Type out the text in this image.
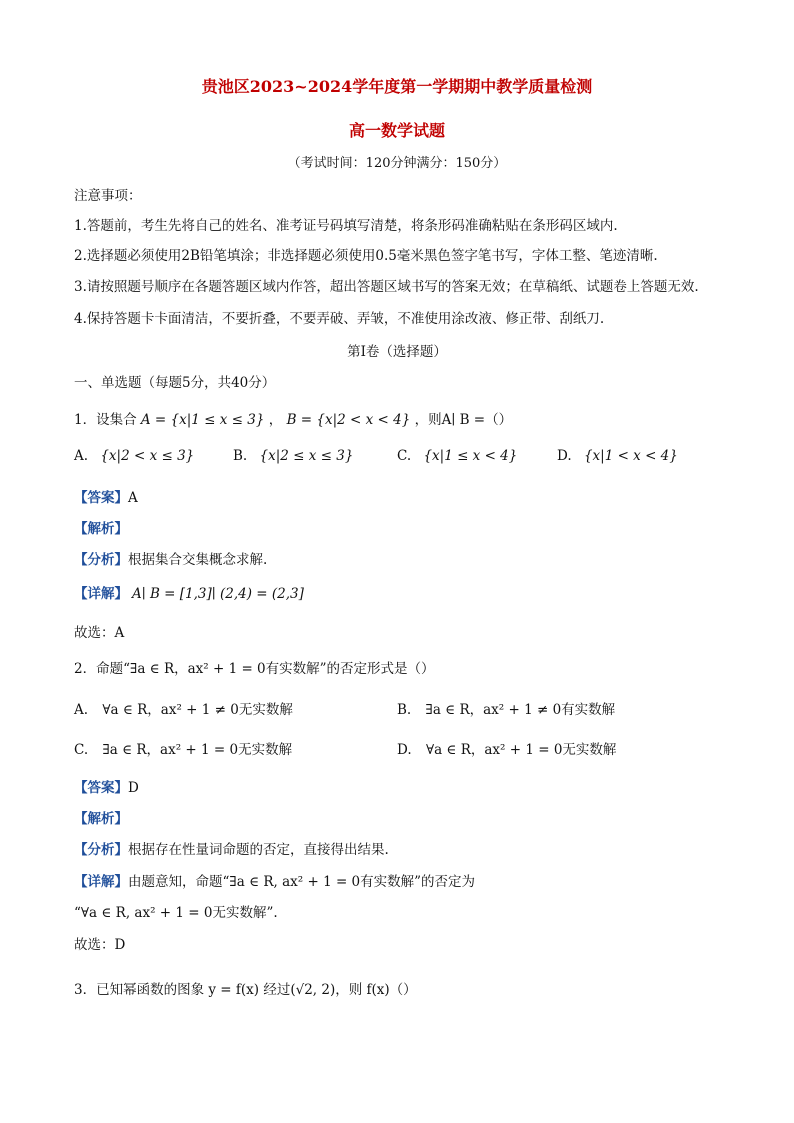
贵池区2023~2024学年度第一学期期中教学质量检测
高一数学试题
（考试时间：120分钟满分：150分）
注意事项：
1.答题前，考生先将自己的姓名、准考证号码填写清楚，将条形码准确粘贴在条形码区域内.
2.选择题必须使用2B铅笔填涂；非选择题必须使用0.5毫米黑色签字笔书写，字体工整、笔迹清晰.
3.请按照题号顺序在各题答题区域内作答，超出答题区域书写的答案无效；在草稿纸、试题卷上答题无效.
4.保持答题卡卡面清洁，不要折叠，不要弄破、弄皱，不准使用涂改液、修正带、刮纸刀.
第Ⅰ卷（选择题）
一、单选题（每题5分，共40分）
1．设集合 A = {x|1 ≤ x ≤ 3} ， B = {x|2 < x < 4} ，则A∣ B =（）
A. {x|2 < x ≤ 3}	B. {x|2 ≤ x ≤ 3}	C. {x|1 ≤ x < 4}	D. {x|1 < x < 4}
【答案】A
【解析】
【分析】根据集合交集概念求解.
【详解】 A∣ B = [1,3]∣ (2,4) = (2,3]
故选：A
2．命题“∃a ∈ R，ax² + 1 = 0有实数解”的否定形式是（）
A. ∀a ∈ R，ax² + 1 ≠ 0无实数解	B. ∃a ∈ R，ax² + 1 ≠ 0有实数解
C. ∃a ∈ R，ax² + 1 = 0无实数解	D. ∀a ∈ R，ax² + 1 = 0无实数解
【答案】D
【解析】
【分析】根据存在性量词命题的否定，直接得出结果.
【详解】由题意知，命题“∃a ∈ R, ax² + 1 = 0有实数解”的否定为
“∀a ∈ R, ax² + 1 = 0无实数解”.
故选：D
3．已知幂函数的图象 y = f(x) 经过(√2, 2)，则 f(x)（）
